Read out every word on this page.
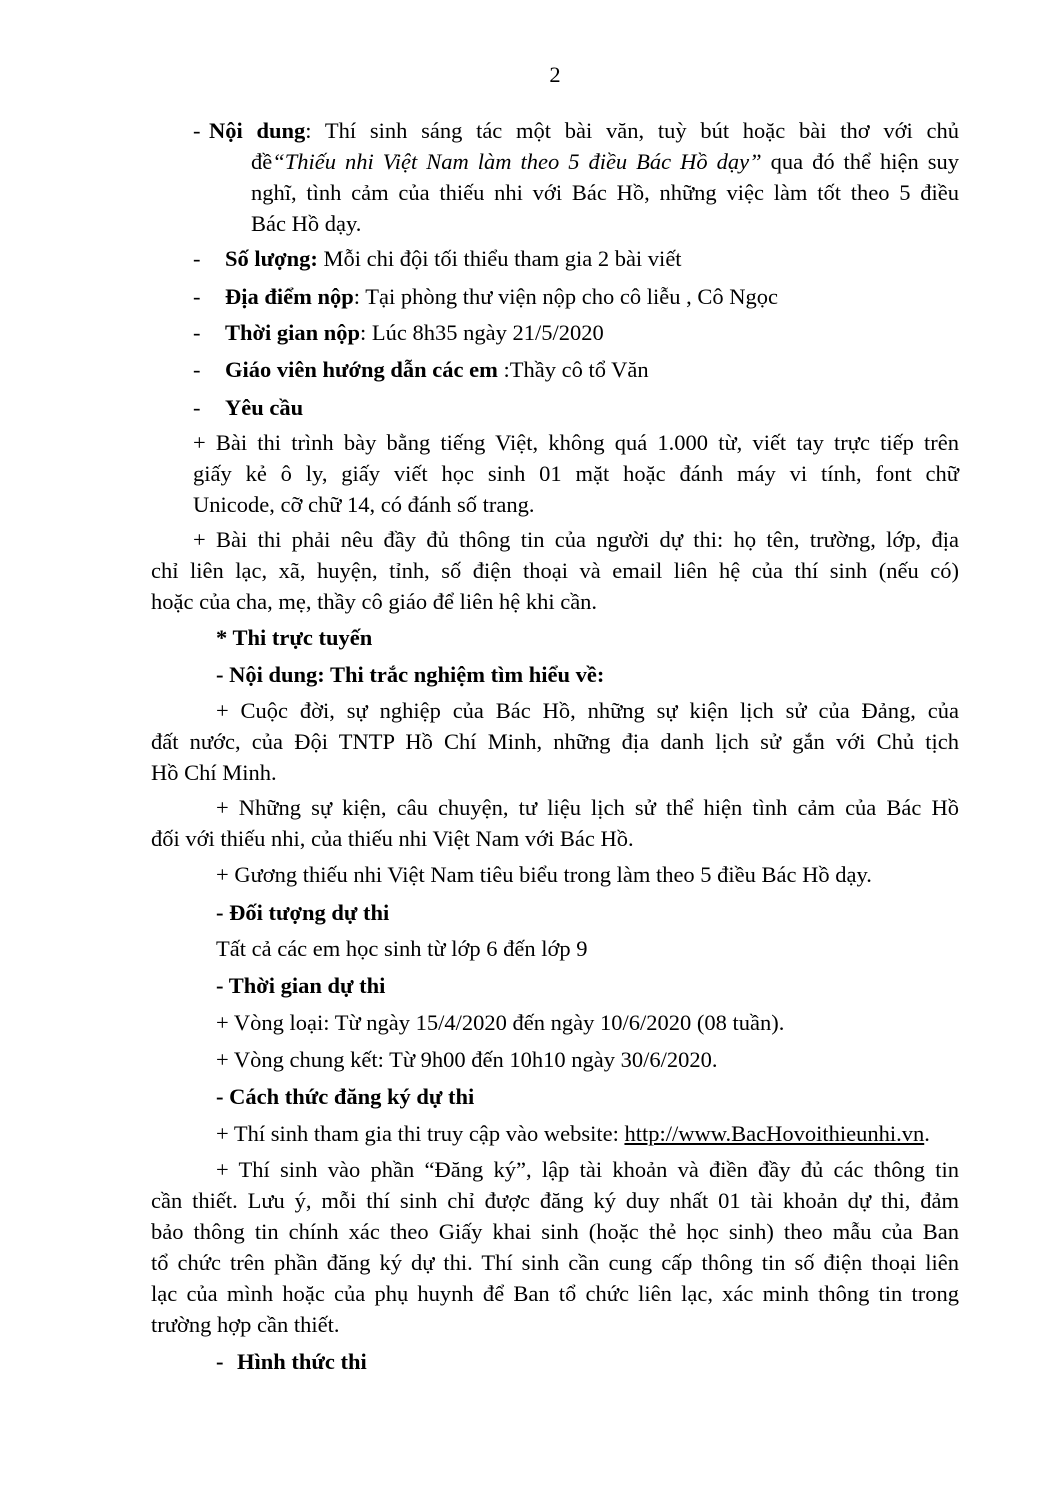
2
- Nội dung: Thí sinh sáng tác một bài văn, tuỳ bút hoặc bài thơ với chủ
đề“Thiếu nhi Việt Nam làm theo 5 điều Bác Hồ dạy” qua đó thể hiện suy
nghĩ, tình cảm của thiếu nhi với Bác Hồ, những việc làm tốt theo 5 điều
Bác Hồ dạy.
- Số lượng: Mỗi chi đội tối thiểu tham gia 2 bài viết
- Địa điểm nộp: Tại phòng thư viện nộp cho cô liễu , Cô Ngọc
- Thời gian nộp: Lúc 8h35 ngày 21/5/2020
- Giáo viên hướng dẫn các em :Thầy cô tổ Văn
- Yêu cầu
+ Bài thi trình bày bằng tiếng Việt, không quá 1.000 từ, viết tay trực tiếp trên
giấy kẻ ô ly, giấy viết học sinh 01 mặt hoặc đánh máy vi tính, font chữ
Unicode, cỡ chữ 14, có đánh số trang.
+ Bài thi phải nêu đầy đủ thông tin của người dự thi: họ tên, trường, lớp, địa
chỉ liên lạc, xã, huyện, tỉnh, số điện thoại và email liên hệ của thí sinh (nếu có)
hoặc của cha, mẹ, thầy cô giáo để liên hệ khi cần.
* Thi trực tuyến
- Nội dung: Thi trắc nghiệm tìm hiểu về:
+ Cuộc đời, sự nghiệp của Bác Hồ, những sự kiện lịch sử của Đảng, của
đất nước, của Đội TNTP Hồ Chí Minh, những địa danh lịch sử gắn với Chủ tịch
Hồ Chí Minh.
+ Những sự kiện, câu chuyện, tư liệu lịch sử thể hiện tình cảm của Bác Hồ
đối với thiếu nhi, của thiếu nhi Việt Nam với Bác Hồ.
+ Gương thiếu nhi Việt Nam tiêu biểu trong làm theo 5 điều Bác Hồ dạy.
- Đối tượng dự thi
Tất cả các em học sinh từ lớp 6 đến lớp 9
- Thời gian dự thi
+ Vòng loại: Từ ngày 15/4/2020 đến ngày 10/6/2020 (08 tuần).
+ Vòng chung kết: Từ 9h00 đến 10h10 ngày 30/6/2020.
- Cách thức đăng ký dự thi
+ Thí sinh tham gia thi truy cập vào website: http://www.BacHovoithieunhi.vn.
+ Thí sinh vào phần “Đăng ký”, lập tài khoản và điền đầy đủ các thông tin
cần thiết. Lưu ý, mỗi thí sinh chỉ được đăng ký duy nhất 01 tài khoản dự thi, đảm
bảo thông tin chính xác theo Giấy khai sinh (hoặc thẻ học sinh) theo mẫu của Ban
tổ chức trên phần đăng ký dự thi. Thí sinh cần cung cấp thông tin số điện thoại liên
lạc của mình hoặc của phụ huynh để Ban tổ chức liên lạc, xác minh thông tin trong
trường hợp cần thiết.
- Hình thức thi
